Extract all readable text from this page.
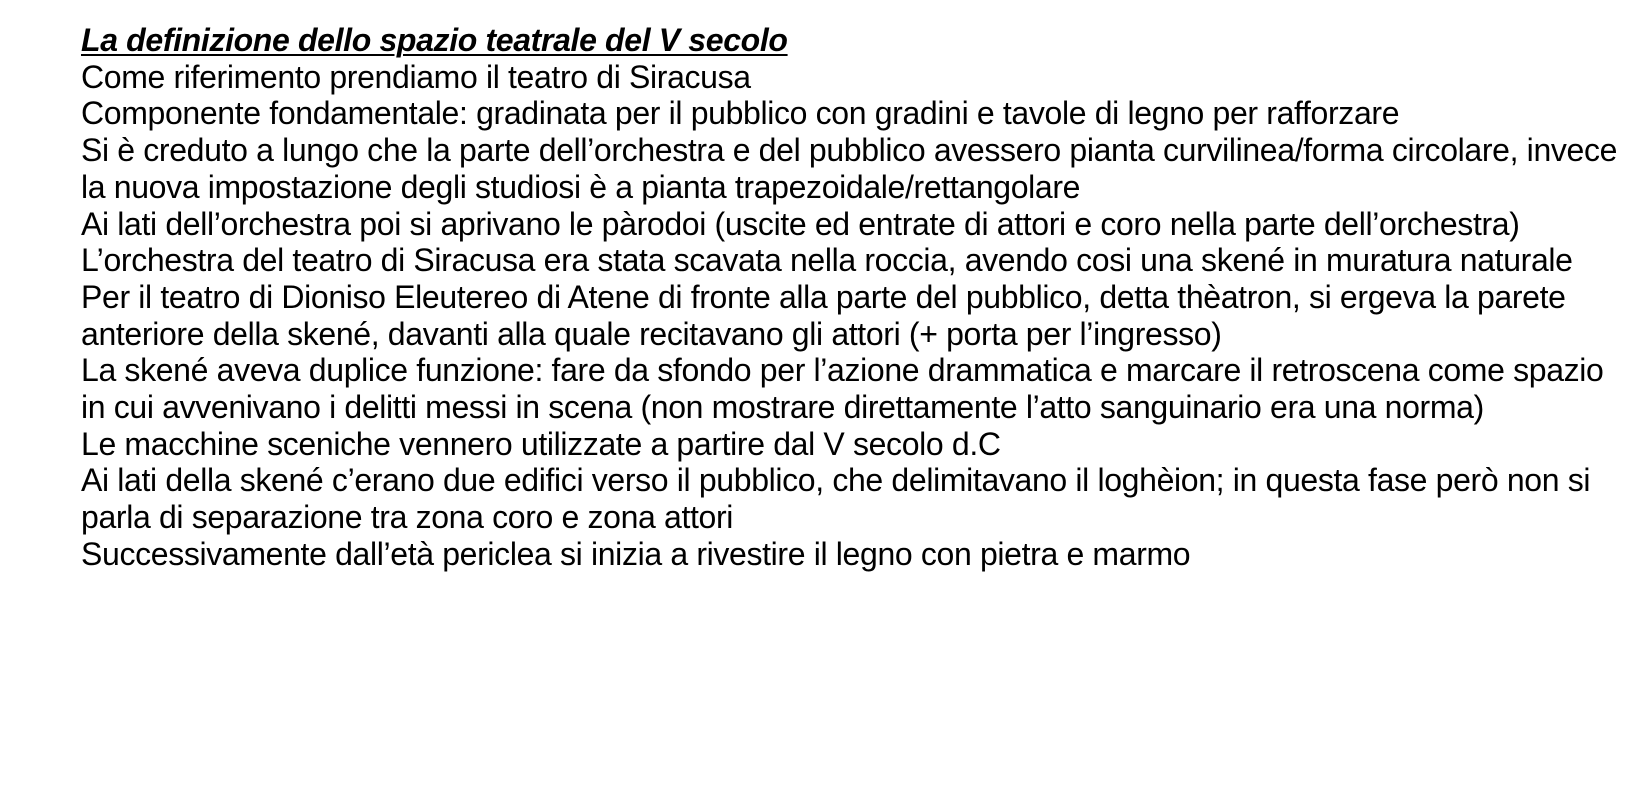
La definizione dello spazio teatrale del V secolo

Come riferimento prendiamo il teatro di Siracusa

Componente fondamentale: gradinata per il pubblico con gradini e tavole di legno per rafforzare

Si è creduto a lungo che la parte dell’orchestra e del pubblico avessero pianta curvilinea/forma circolare, invece la nuova impostazione degli studiosi è a pianta trapezoidale/rettangolare

Ai lati dell’orchestra poi si aprivano le pàrodoi (uscite ed entrate di attori e coro nella parte dell’orchestra)

L’orchestra del teatro di Siracusa era stata scavata nella roccia, avendo cosi una skené in muratura naturale

Per il teatro di Dioniso Eleutereo di Atene di fronte alla parte del pubblico, detta thèatron, si ergeva la parete anteriore della skené, davanti alla quale recitavano gli attori (+ porta per l’ingresso)

La skené aveva duplice funzione: fare da sfondo per l’azione drammatica e marcare il retroscena come spazio in cui avvenivano i delitti messi in scena (non mostrare direttamente l’atto sanguinario era una norma)

Le macchine sceniche vennero utilizzate a partire dal V secolo d.C

Ai lati della skené c’erano due edifici verso il pubblico, che delimitavano il loghèion; in questa fase però non si parla di separazione tra zona coro e zona attori

Successivamente dall’età periclea si inizia a rivestire il legno con pietra e marmo
